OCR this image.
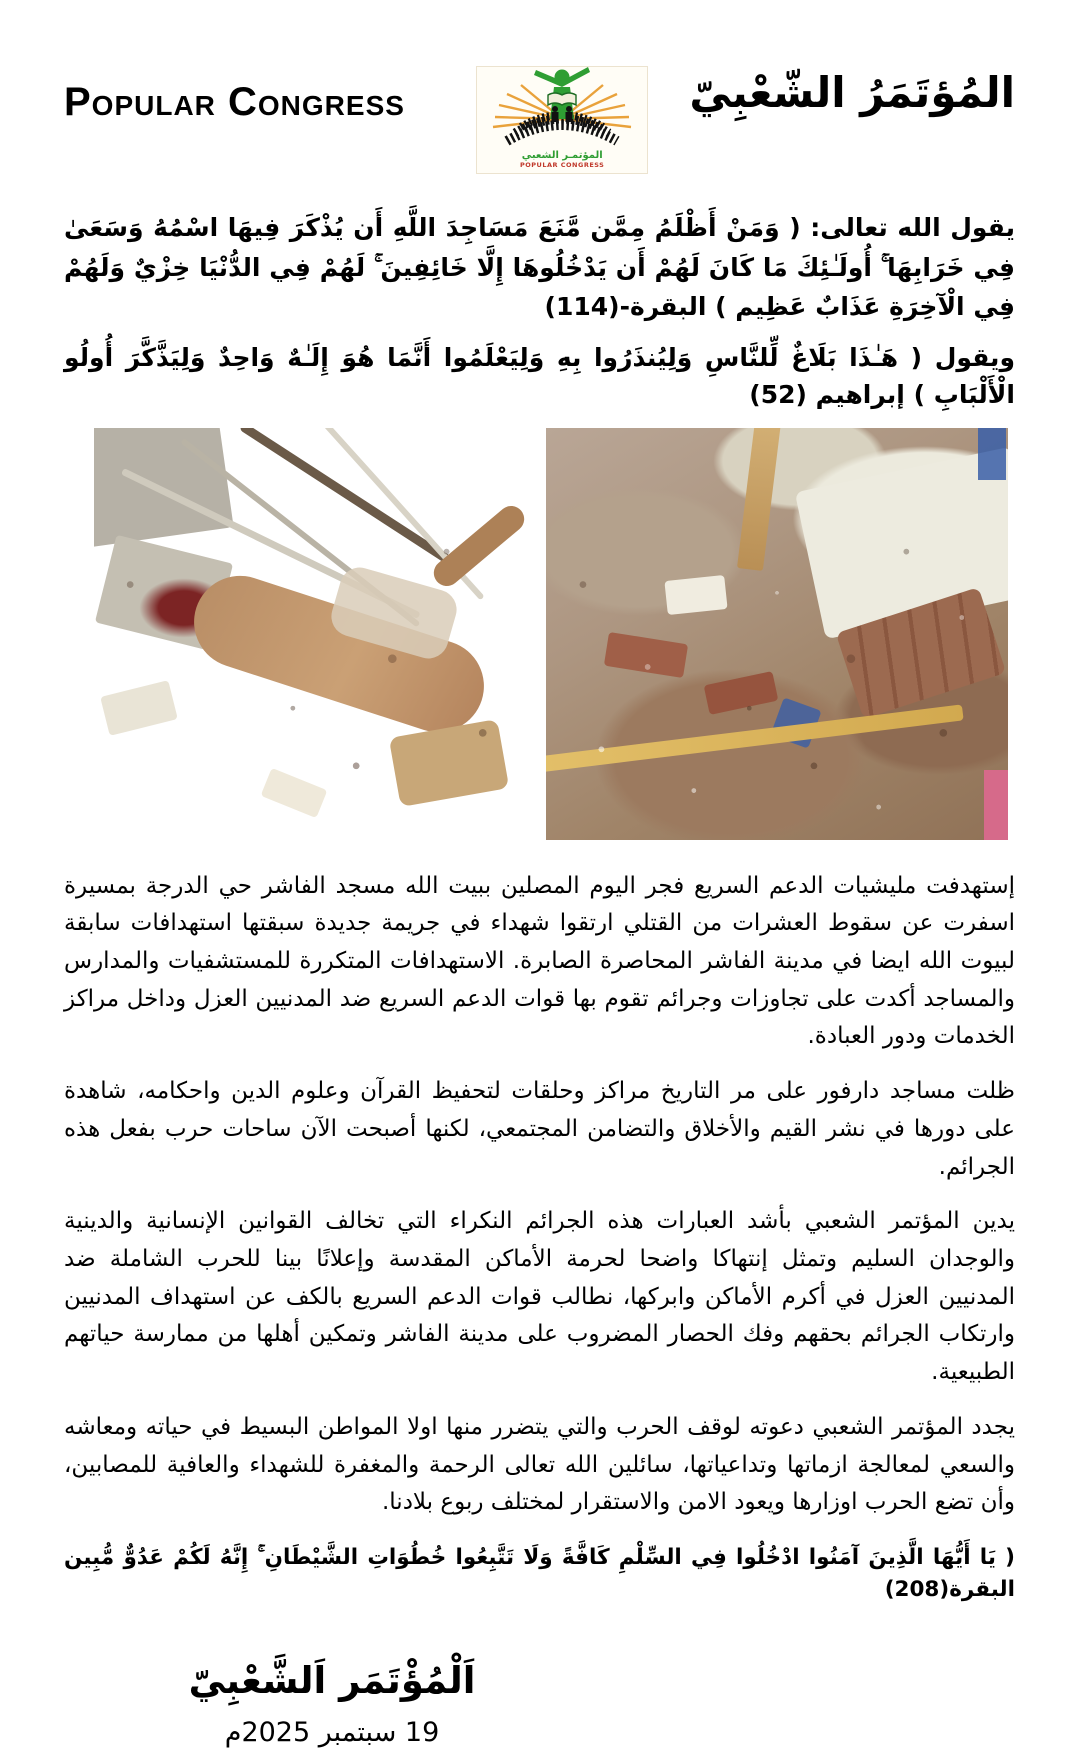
Popular Congress
المؤتمـر الشعبي
POPULAR CONGRESS
المُؤتَمَرُ الشّعْبِيّ
يقول الله تعالى: ( وَمَنْ أَظْلَمُ مِمَّن مَّنَعَ مَسَاجِدَ اللَّهِ أَن يُذْكَرَ فِيهَا اسْمُهُ وَسَعَىٰ فِي خَرَابِهَا ۚ أُولَـٰئِكَ مَا كَانَ لَهُمْ أَن يَدْخُلُوهَا إِلَّا خَائِفِينَ ۚ لَهُمْ فِي الدُّنْيَا خِزْيٌ وَلَهُمْ فِي الْآخِرَةِ عَذَابٌ عَظِيم ) البقرة-(114)
ويقول ( هَـٰذَا بَلَاغٌ لِّلنَّاسِ وَلِيُنذَرُوا بِهِ وَلِيَعْلَمُوا أَنَّمَا هُوَ إِلَـٰهٌ وَاحِدٌ وَلِيَذَّكَّرَ أُولُو الْأَلْبَابِ ) إبراهيم (52)

إستهدفت مليشيات الدعم السريع فجر اليوم المصلين ببيت الله مسجد الفاشر حي الدرجة بمسيرة اسفرت عن سقوط العشرات من القتلي ارتقوا شهداء في جريمة جديدة سبقتها استهدافات سابقة لبيوت الله ايضا في مدينة الفاشر المحاصرة الصابرة. الاستهدافات المتكررة للمستشفيات والمدارس والمساجد أكدت على تجاوزات وجرائم تقوم بها قوات الدعم السريع ضد المدنيين العزل وداخل مراكز الخدمات ودور العبادة.

ظلت مساجد دارفور على مر التاريخ مراكز وحلقات لتحفيظ القرآن وعلوم الدين واحكامه، شاهدة على دورها في نشر القيم والأخلاق والتضامن المجتمعي، لكنها أصبحت الآن ساحات حرب بفعل هذه الجرائم.

يدين المؤتمر الشعبي بأشد العبارات هذه الجرائم النكراء التي تخالف القوانين الإنسانية والدينية والوجدان السليم وتمثل إنتهاكا واضحا لحرمة الأماكن المقدسة وإعلانًا بينا للحرب الشاملة ضد المدنيين العزل في أكرم الأماكن وابركها، نطالب قوات الدعم السريع بالكف عن استهداف المدنيين وارتكاب الجرائم بحقهم وفك الحصار المضروب على مدينة الفاشر وتمكين أهلها من ممارسة حياتهم الطبيعية.

يجدد المؤتمر الشعبي دعوته لوقف الحرب والتي يتضرر منها اولا المواطن البسيط في حياته ومعاشه والسعي لمعالجة ازماتها وتداعياتها، سائلين الله تعالى الرحمة والمغفرة للشهداء والعافية للمصابين، وأن تضع الحرب اوزارها ويعود الامن والاستقرار لمختلف ربوع بلادنا.

( يَا أَيُّهَا الَّذِينَ آمَنُوا ادْخُلُوا فِي السِّلْمِ كَافَّةً وَلَا تَتَّبِعُوا خُطُوَاتِ الشَّيْطَانِ ۚ إِنَّهُ لَكُمْ عَدُوٌّ مُّبِين البقرة(208)
اَلْمُؤْتَمَر اَلشَّعْبِيّ
19 سبتمبر 2025م
